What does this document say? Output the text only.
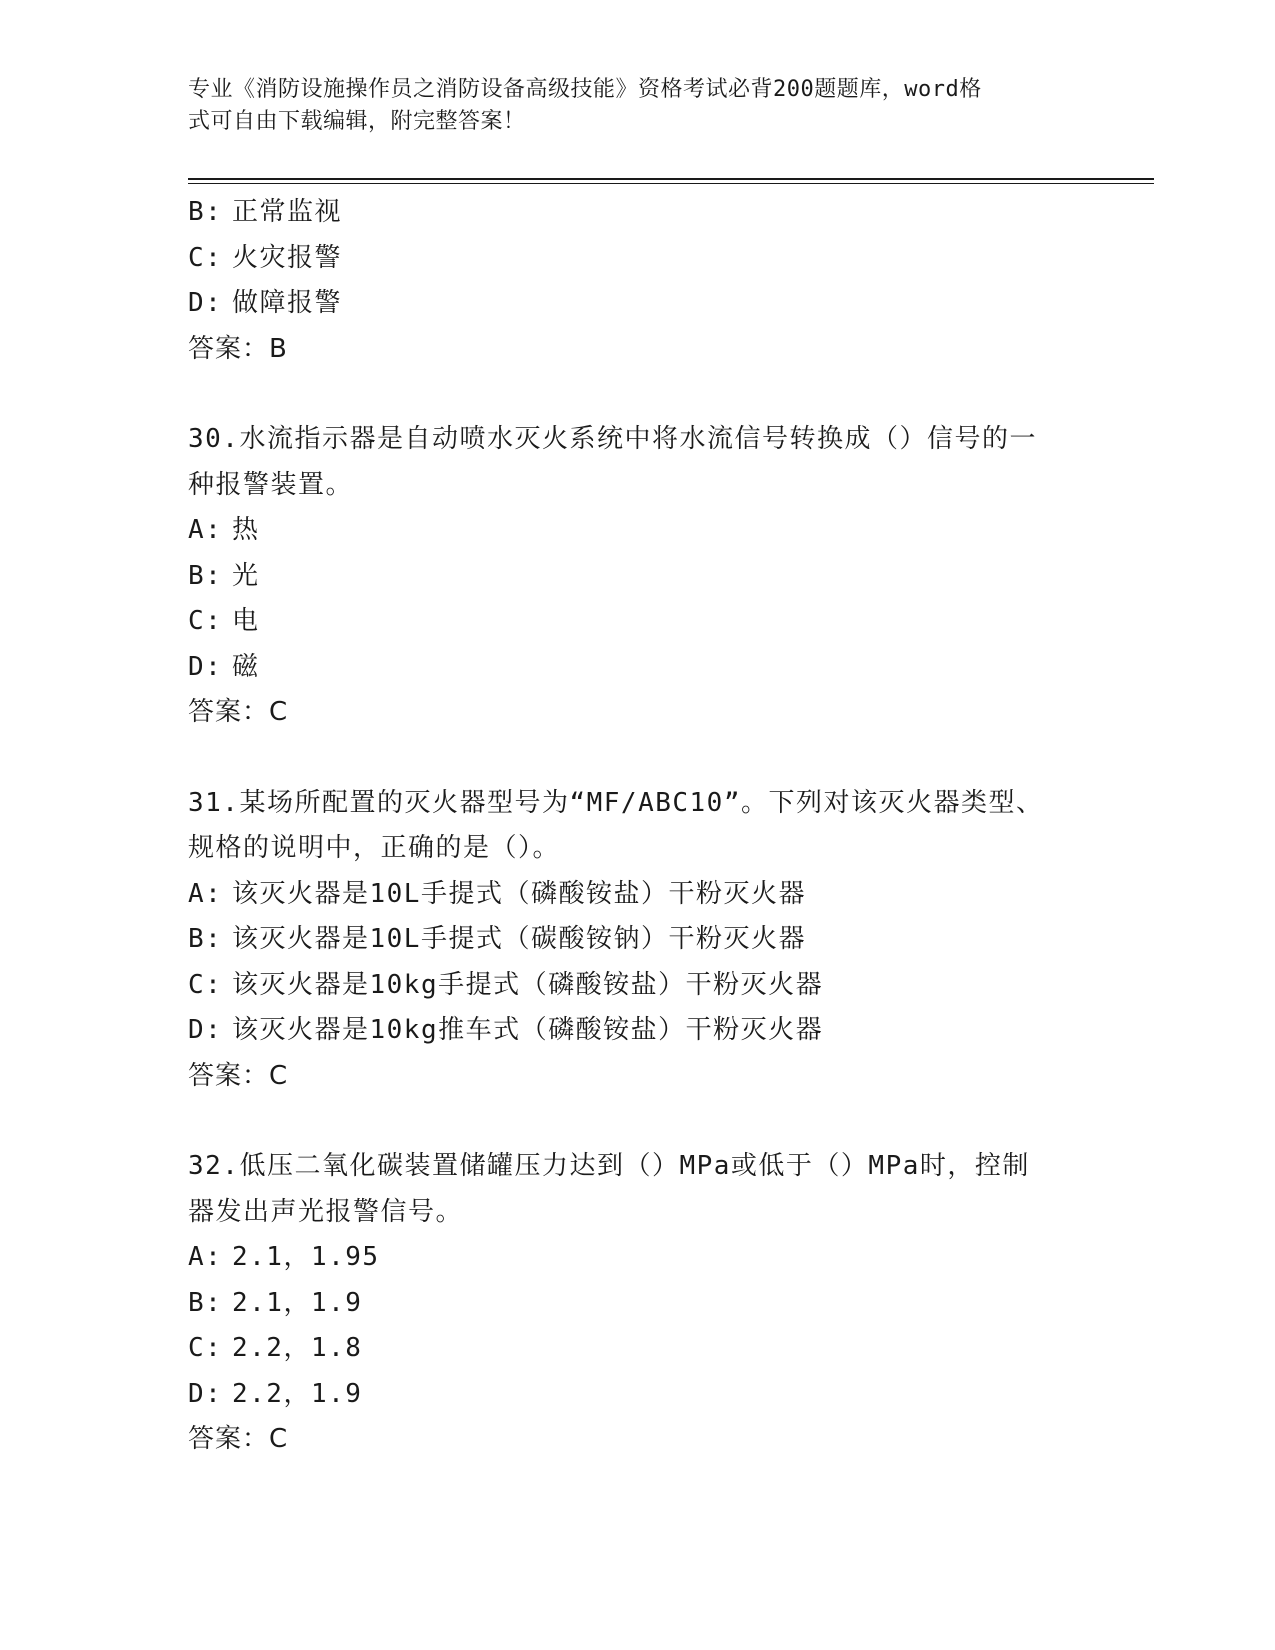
专业《消防设施操作员之消防设备高级技能》资格考试必背200题题库，word格
式可自由下载编辑，附完整答案！
B: 正常监视
C: 火灾报警
D: 做障报警
答案：B
30.水流指示器是自动喷水灭火系统中将水流信号转换成（）信号的一
种报警装置。
A: 热
B: 光
C: 电
D: 磁
答案：C
31.某场所配置的灭火器型号为“MF/ABC10”。下列对该灭火器类型、
规格的说明中，正确的是（）。
A: 该灭火器是10L手提式（磷酸铵盐）干粉灭火器
B: 该灭火器是10L手提式（碳酸铵钠）干粉灭火器
C: 该灭火器是10kg手提式（磷酸铵盐）干粉灭火器
D: 该灭火器是10kg推车式（磷酸铵盐）干粉灭火器
答案：C
32.低压二氧化碳装置储罐压力达到（）MPa或低于（）MPa时，控制
器发出声光报警信号。
A: 2.1，1.95
B: 2.1，1.9
C: 2.2，1.8
D: 2.2，1.9
答案：C
